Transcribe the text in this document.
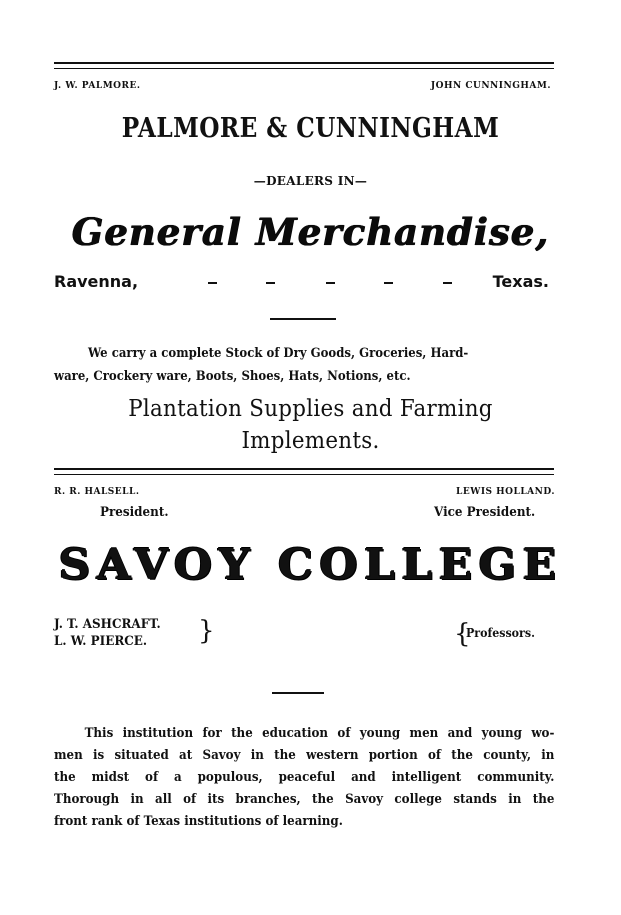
J. W. PALMORE.	JOHN CUNNINGHAM.
PALMORE & CUNNINGHAM
—DEALERS IN—
General Merchandise,
Ravenna,	Texas.
We carry a complete Stock of Dry Goods, Groceries, Hard-
ware, Crockery ware, Boots, Shoes, Hats, Notions, etc.
Plantation Supplies and Farming
Implements.
R. R. HALSELL.
President.
LEWIS HOLLAND.
Vice President.
SAVOY COLLEGE
J. T. ASHCRAFT.
L. W. PIERCE. }	{
Professors.
This institution for the education of young men and young wo-
men is situated at Savoy in the western portion of the county, in
the midst of a populous, peaceful and intelligent community.
Thorough in all of its branches, the Savoy college stands in the
front rank of Texas institutions of learning.
